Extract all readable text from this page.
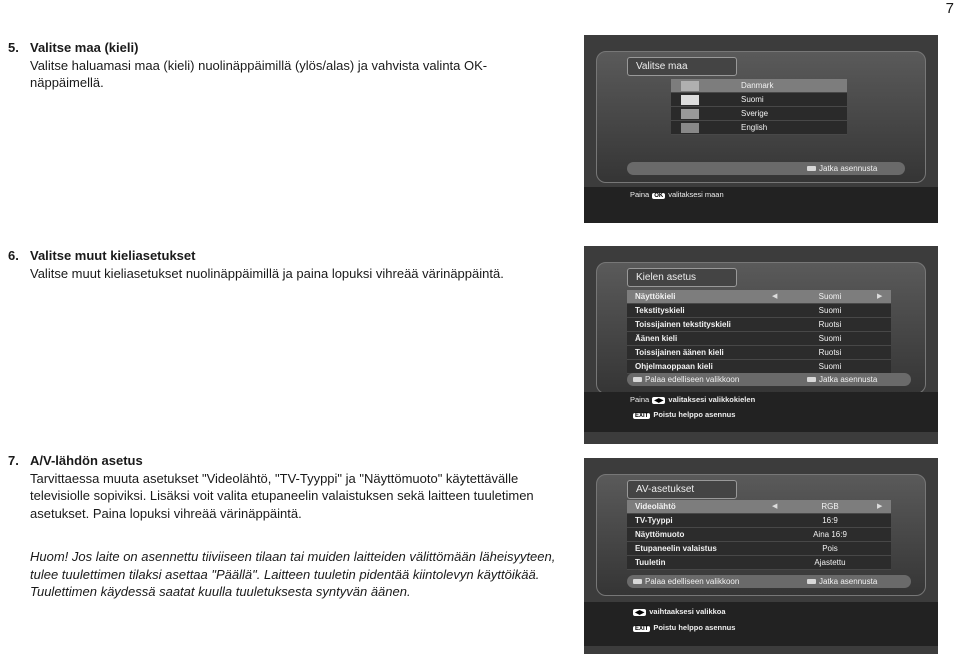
7
5. Valitse maa (kieli)
Valitse haluamasi maa (kieli) nuolinäppäimillä (ylös/alas) ja vahvista valinta OK-näppäimellä.
6. Valitse muut kieliasetukset
Valitse muut kieliasetukset nuolinäppäimillä ja paina lopuksi vihreää värinäppäintä.
7. A/V-lähdön asetus
Tarvittaessa muuta asetukset "Videolähtö, "TV-Tyyppi" ja "Näyttömuoto" käytettävälle televisiolle sopiviksi. Lisäksi voit valita etupaneelin valaistuksen sekä laitteen tuuletimen asetukset. Paina lopuksi vihreää värinäppäintä.
Huom! Jos laite on asennettu tiiviiseen tilaan tai muiden laitteiden välittömään läheisyyteen, tulee tuulettimen tilaksi asettaa "Päällä". Laitteen tuuletin pidentää kiintolevyn käyttöikää. Tuulettimen käydessä saatat kuulla tuuletuksesta syntyvän äänen.
Valitse maa
Danmark
Suomi
Sverige
English
Jatka asennusta
Paina OK valitaksesi maan
Kielen asetus
Näyttökieli	◀	Suomi	▶
Tekstityskieli	Suomi
Toissijainen tekstityskieli	Ruotsi
Äänen kieli	Suomi
Toissijainen äänen kieli	Ruotsi
Ohjelmaoppaan kieli	Suomi
Palaa edelliseen valikkoon	Jatka asennusta
Paina ◀▶ valitaksesi valikkokielen
EXIT Poistu helppo asennus
AV-asetukset
Videolähtö	◀	RGB	▶
TV-Tyyppi	16:9
Näyttömuoto	Aina 16:9
Etupaneelin valaistus	Pois
Tuuletin	Ajastettu
Palaa edelliseen valikkoon	Jatka asennusta
◀▶ vaihtaaksesi valikkoa
EXIT Poistu helppo asennus
